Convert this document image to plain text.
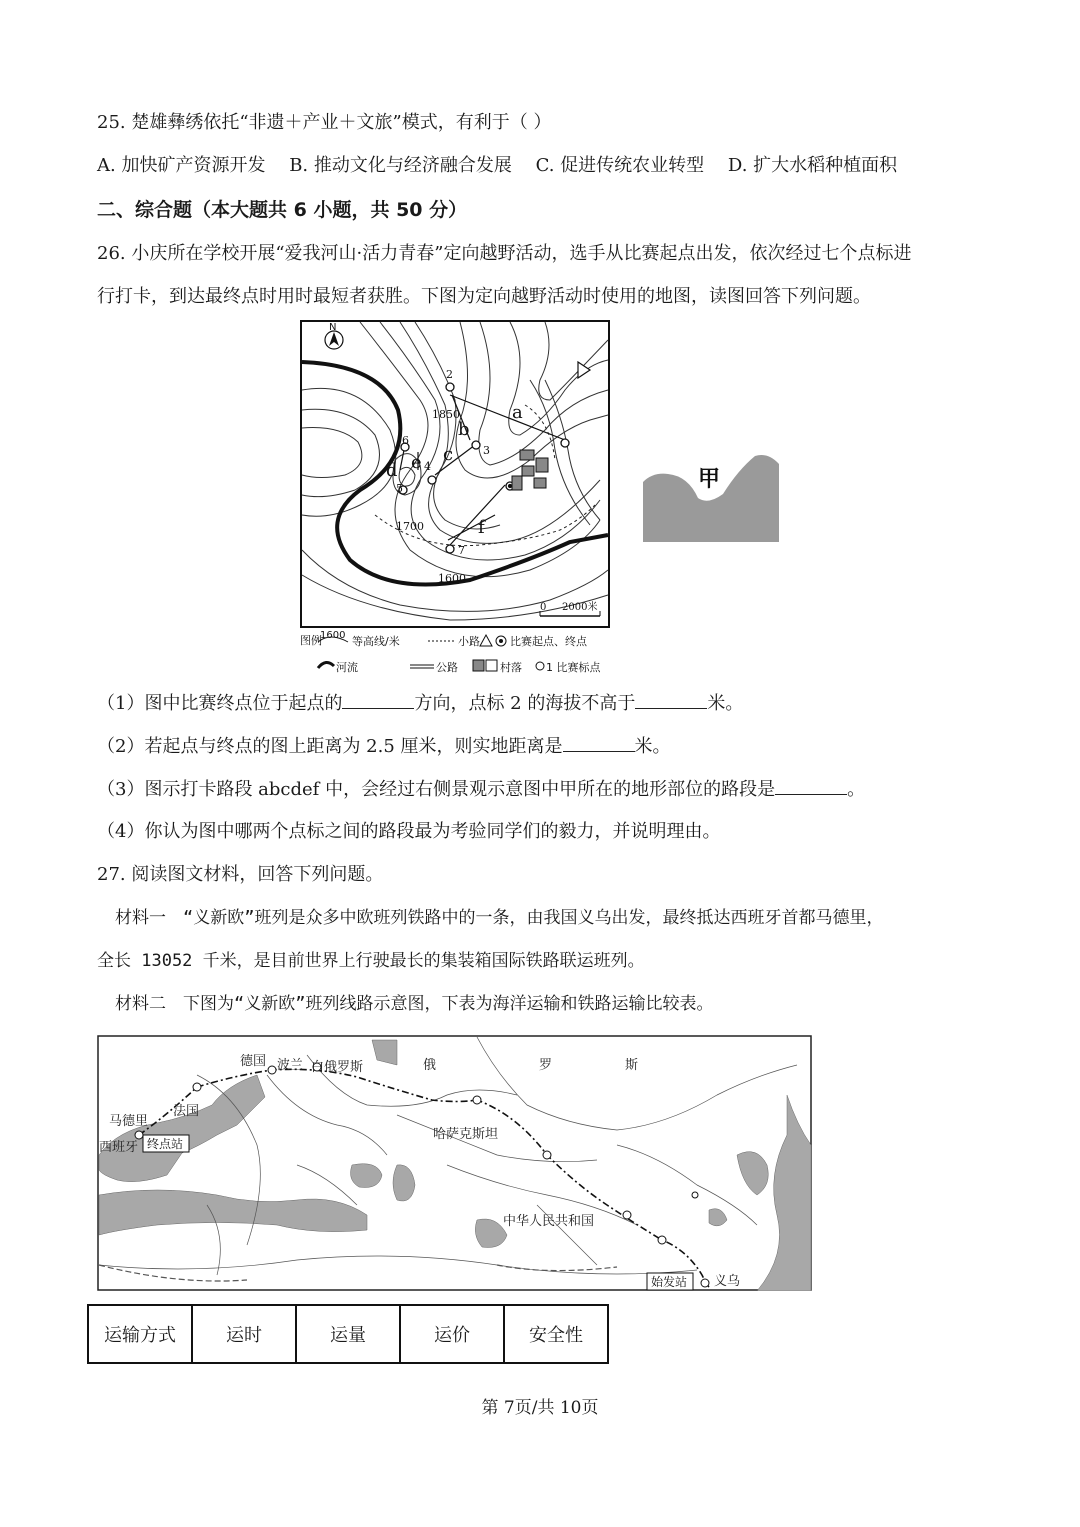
25. 楚雄彝绣依托“非遗＋产业＋文旅”模式，有利于（ ）
A. 加快矿产资源开发 B. 推动文化与经济融合发展 C. 促进传统农业转型 D. 扩大水稻种植面积
二、综合题（本大题共 6 小题，共 50 分）
26. 小庆所在学校开展“爱我河山·活力青春”定向越野活动，选手从比赛起点出发，依次经过七个点标进
行打卡，到达最终点时用时最短者获胜。下图为定向越野活动时使用的地图，读图回答下列问题。
2
3
4
5
6
7
1850
1700
1600
a
b
c
d e
f
N
0 2000米
图例
1600 等高线/米	小路	比赛起点、终点
河流	公路	村落 1 比赛标点
甲
（1）图中比赛终点位于起点的	方向，点标 2 的海拔不高于	米。
（2）若起点与终点的图上距离为 2.5 厘米，则实地距离是	米。
（3）图示打卡路段 abcdef 中，会经过右侧景观示意图中甲所在的地形部位的路段是	。
（4）你认为图中哪两个点标之间的路段最为考验同学们的毅力，并说明理由。
27. 阅读图文材料，回答下列问题。
材料一　“义新欧”班列是众多中欧班列铁路中的一条，由我国义乌出发，最终抵达西班牙首都马德里，
全长 13052 千米，是目前世界上行驶最长的集装箱国际铁路联运班列。
材料二　下图为“义新欧”班列线路示意图，下表为海洋运输和铁路运输比较表。
德国 波兰 白俄罗斯	俄	罗	斯
马德里
法国
西班牙
哈萨克斯坦
中华人民共和国
义乌
终点站
始发站
运输方式	运时	运量	运价	安全性
第 7页/共 10页
